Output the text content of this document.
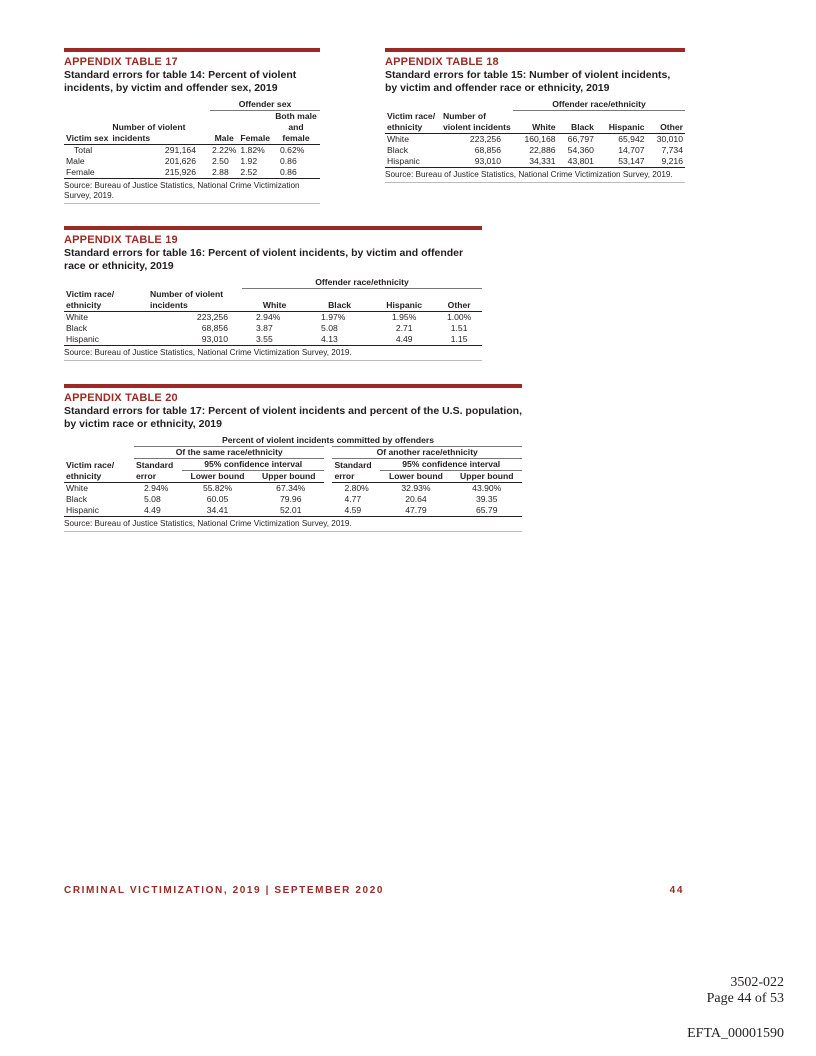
APPENDIX TABLE 17
Standard errors for table 14: Percent of violent incidents, by victim and offender sex, 2019
		Offender sex		
Victim sex	Number of violent incidents	Male	Female	Both male and female
Total	291,164	2.22%	1.82%	0.62%
Male	201,626	2.50	1.92	0.86
Female	215,926	2.88	2.52	0.86
Source: Bureau of Justice Statistics, National Crime Victimization Survey, 2019.
APPENDIX TABLE 18
Standard errors for table 15: Number of violent incidents, by victim and offender race or ethnicity, 2019
		Offender race/ethnicity			
Victim race/ ethnicity	Number of violent incidents	White	Black	Hispanic	Other
White	223,256	160,168	66,797	65,942	30,010
Black	68,856	22,886	54,360	14,707	7,734
Hispanic	93,010	34,331	43,801	53,147	9,216
Source: Bureau of Justice Statistics, National Crime Victimization Survey, 2019.
APPENDIX TABLE 19
Standard errors for table 16: Percent of violent incidents, by victim and offender race or ethnicity, 2019
		Offender race/ethnicity			
Victim race/ ethnicity	Number of violent incidents	White	Black	Hispanic	Other
White	223,256	2.94%	1.97%	1.95%	1.00%
Black	68,856	3.87	5.08	2.71	1.51
Hispanic	93,010	3.55	4.13	4.49	1.15
Source: Bureau of Justice Statistics, National Crime Victimization Survey, 2019.
APPENDIX TABLE 20
Standard errors for table 17: Percent of violent incidents and percent of the U.S. population, by victim race or ethnicity, 2019
	Percent of violent incidents committed by offenders					
	Of the same race/ethnicity			Of another race/ethnicity		
Victim race/ ethnicity	Standard error	95% confidence interval		Standard error	95% confidence interval	
		Lower bound	Upper bound		Lower bound	Upper bound
White	2.94%	55.82%	67.34%	2.80%	32.93%	43.90%
Black	5.08	60.05	79.96	4.77	20.64	39.35
Hispanic	4.49	34.41	52.01	4.59	47.79	65.79
Source: Bureau of Justice Statistics, National Crime Victimization Survey, 2019.
CRIMINAL VICTIMIZATION, 2019 | SEPTEMBER 2020	44
3502-022
Page 44 of 53
EFTA_00001590
